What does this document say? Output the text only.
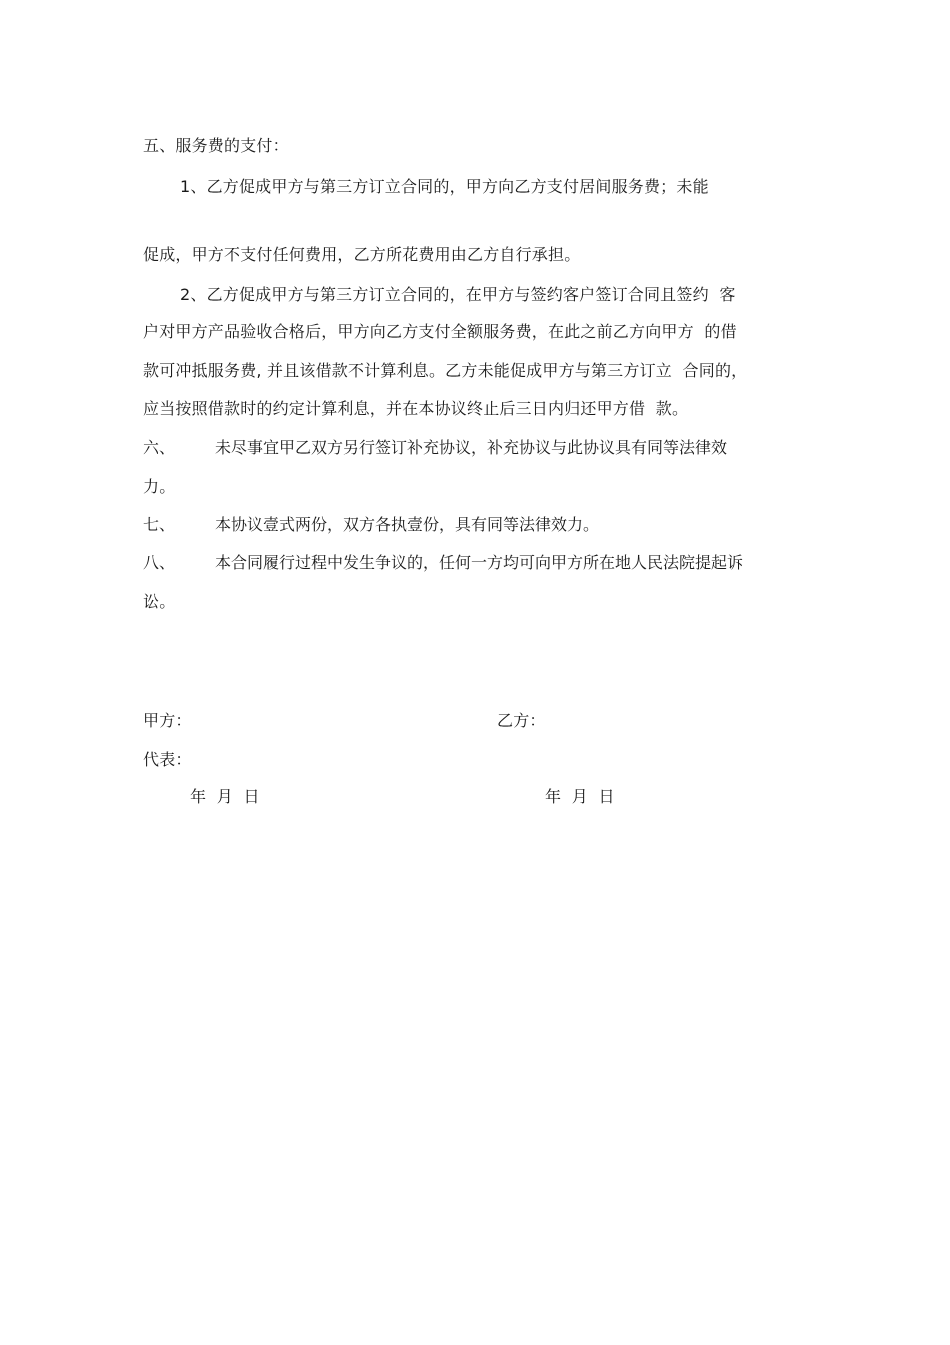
五、服务费的支付：
1、乙方促成甲方与第三方订立合同的，甲方向乙方支付居间服务费；未能
促成，甲方不支付任何费用，乙方所花费用由乙方自行承担。
2、乙方促成甲方与第三方订立合同的，在甲方与签约客户签订合同且签约  客
户对甲方产品验收合格后，甲方向乙方支付全额服务费，在此之前乙方向甲方  的借
款可冲抵服务费, 并且该借款不计算利息。乙方未能促成甲方与第三方订立  合同的，
应当按照借款时的约定计算利息，并在本协议终止后三日内归还甲方借  款。
六、 未尽事宜甲乙双方另行签订补充协议，补充协议与此协议具有同等法律效
力。
七、 本协议壹式两份，双方各执壹份，具有同等法律效力。
八、 本合同履行过程中发生争议的，任何一方均可向甲方所在地人民法院提起诉
讼。
甲方：	乙方：
代表：
年  月  日	年  月  日
